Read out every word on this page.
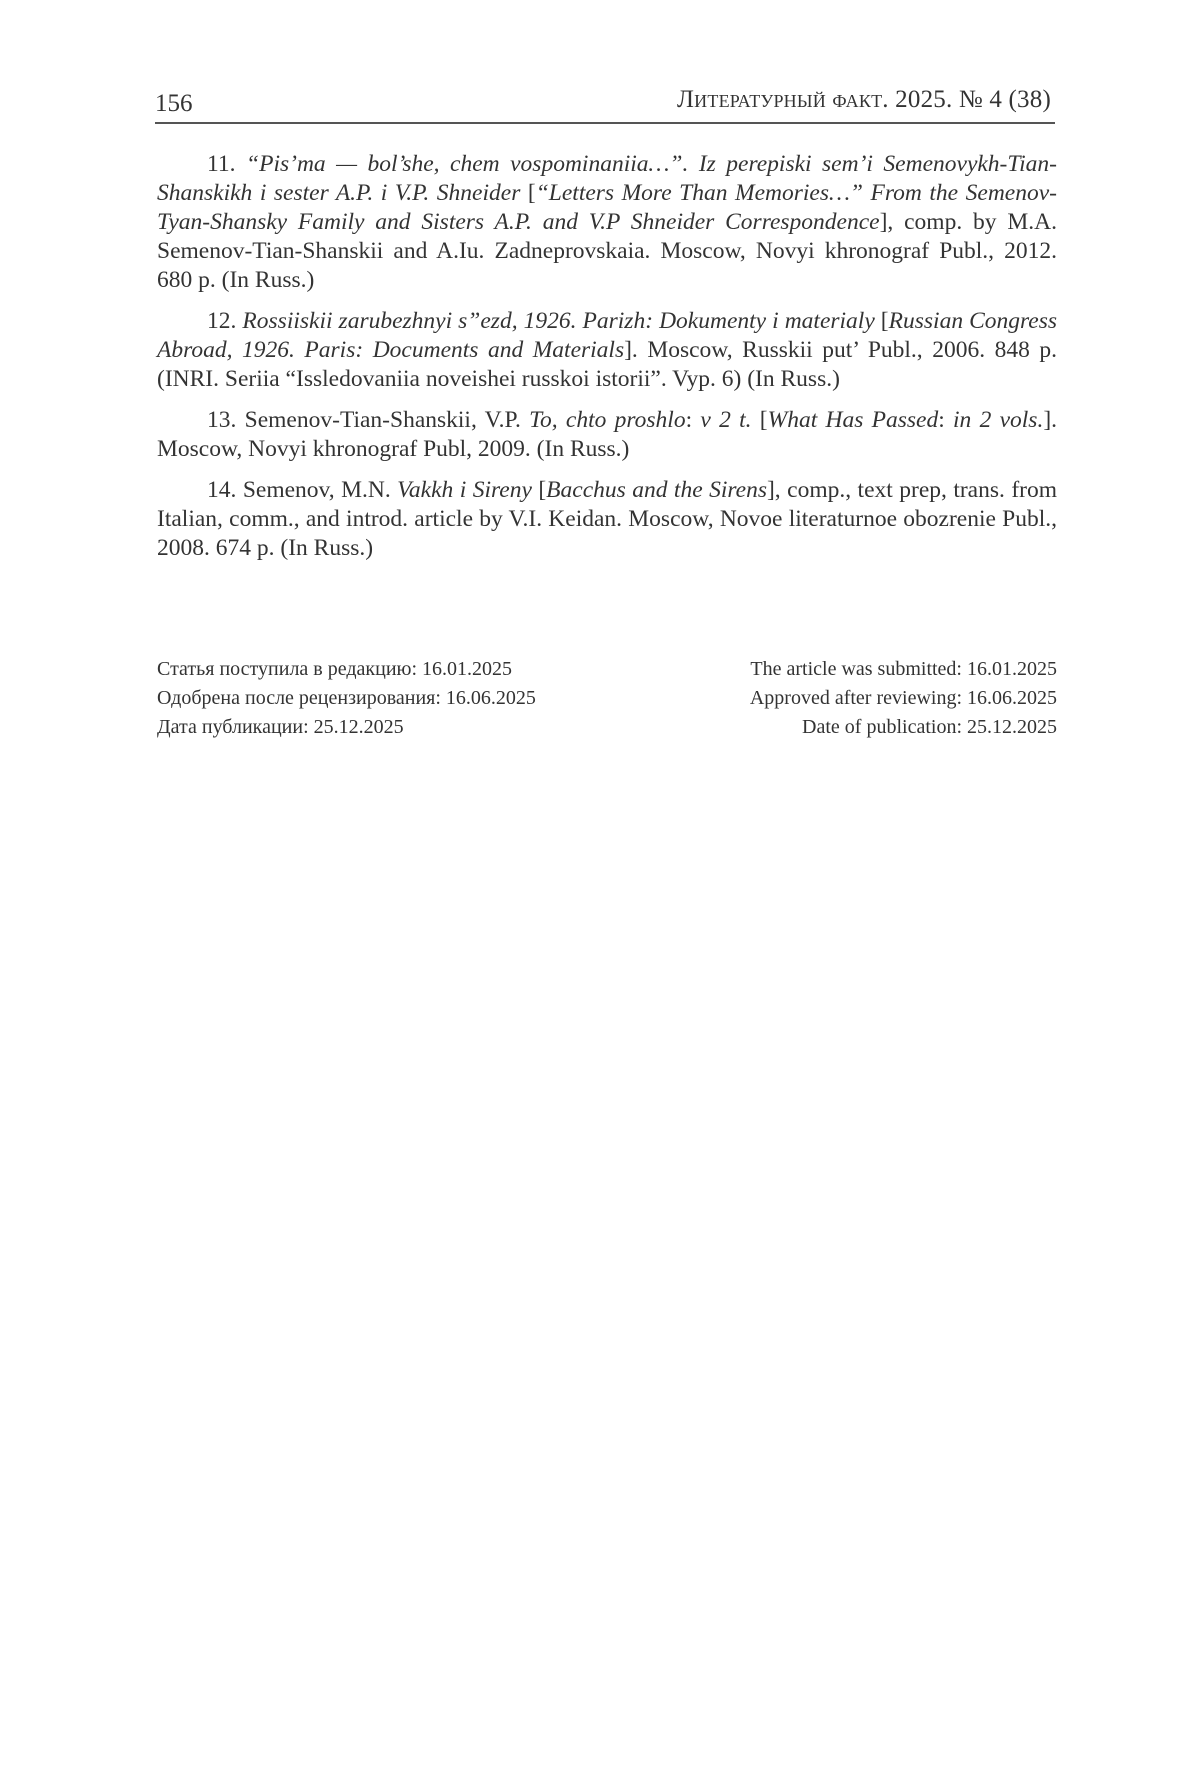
156	Литературный факт. 2025. № 4 (38)

11. “Pis’ma — bol’she, chem vospominaniia…”. Iz perepiski sem’i Semenovykh-Tian-Shanskikh i sester A.P. i V.P. Shneider [“Letters More Than Memories…” From the Semenov-Tyan-Shansky Family and Sisters A.P. and V.P Shneider Correspondence], comp. by M.A. Semenov-Tian-Shanskii and A.Iu. Zadneprovskaia. Moscow, Novyi khronograf Publ., 2012. 680 p. (In Russ.)

12. Rossiiskii zarubezhnyi s”ezd, 1926. Parizh: Dokumenty i materialy [Russian Congress Abroad, 1926. Paris: Documents and Materials]. Moscow, Russkii put’ Publ., 2006. 848 p. (INRI. Seriia “Issledovaniia noveishei russkoi istorii”. Vyp. 6) (In Russ.)

13. Semenov-Tian-Shanskii, V.P. To, chto proshlo: v 2 t. [What Has Passed: in 2 vols.]. Moscow, Novyi khronograf Publ, 2009. (In Russ.)

14. Semenov, M.N. Vakkh i Sireny [Bacchus and the Sirens], comp., text prep, trans. from Italian, comm., and introd. article by V.I. Keidan. Moscow, Novoe literaturnoe obozrenie Publ., 2008. 674 p. (In Russ.)

Статья поступила в редакцию: 16.01.2025	The article was submitted: 16.01.2025
Одобрена после рецензирования: 16.06.2025	Approved after reviewing: 16.06.2025
Дата публикации: 25.12.2025	Date of publication: 25.12.2025
